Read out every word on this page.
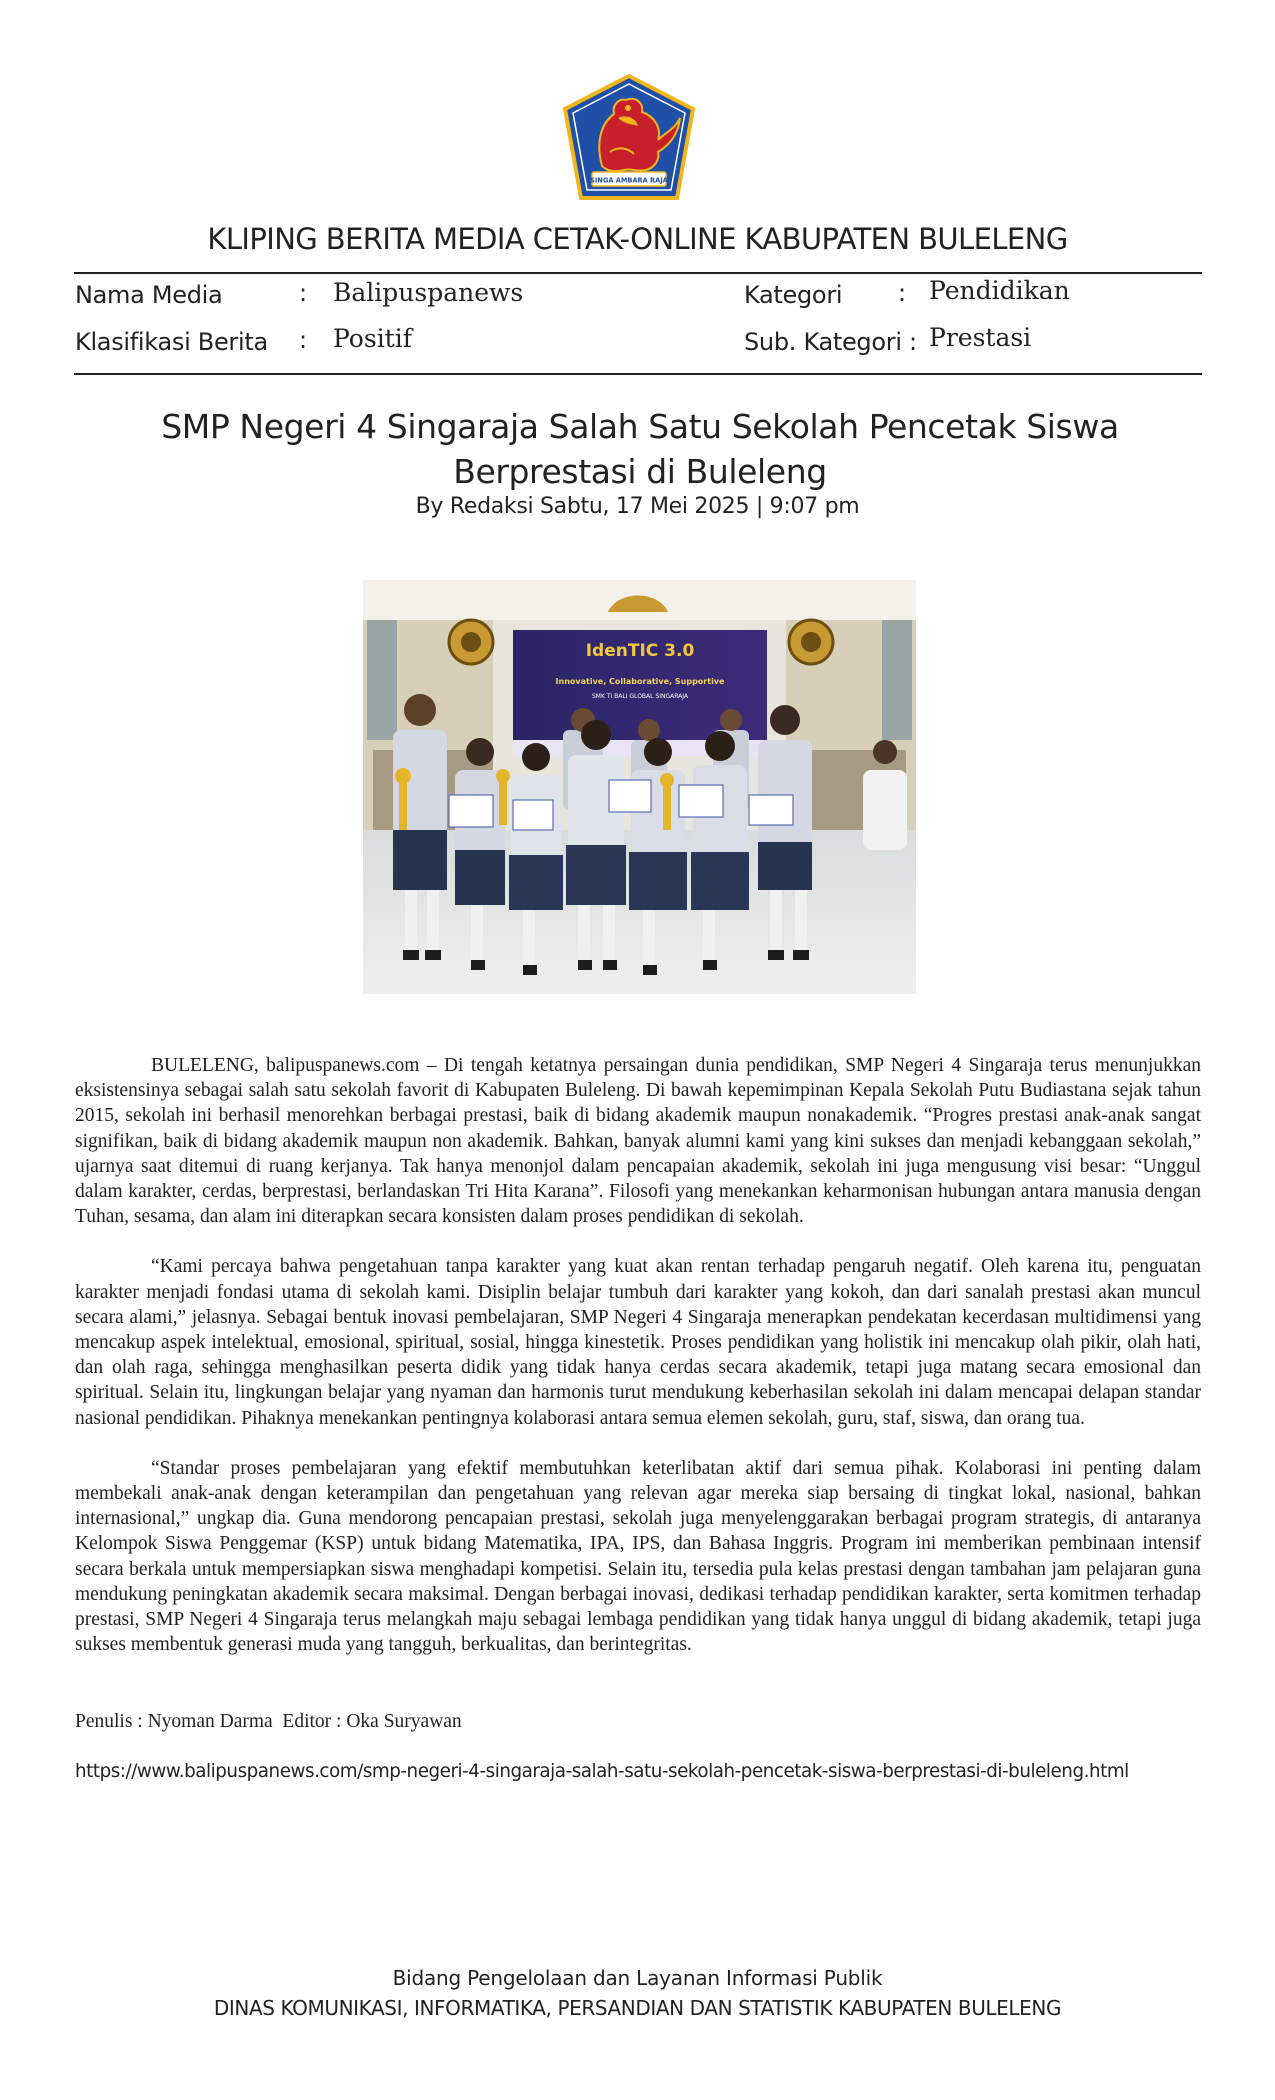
SINGA AMBARA RAJA
KLIPING BERITA MEDIA CETAK-ONLINE KABUPATEN BULELENG
Nama Media	: Balipuspanews	Kategori : Pendidikan
Klasifikasi Berita : Positif	Sub. Kategori : Prestasi
SMP Negeri 4 Singaraja Salah Satu Sekolah Pencetak Siswa Berprestasi di Buleleng
By Redaksi Sabtu, 17 Mei 2025 | 9:07 pm
IdenTIC 3.0
Innovative, Collaborative, Supportive
SMK TI BALI GLOBAL SINGARAJA

BULELENG, balipuspanews.com – Di tengah ketatnya persaingan dunia pendidikan, SMP Negeri 4 Singaraja terus menunjukkan eksistensinya sebagai salah satu sekolah favorit di Kabupaten Buleleng. Di bawah kepemimpinan Kepala Sekolah Putu Budiastana sejak tahun 2015, sekolah ini berhasil menorehkan berbagai prestasi, baik di bidang akademik maupun nonakademik. “Progres prestasi anak-anak sangat signifikan, baik di bidang akademik maupun non akademik. Bahkan, banyak alumni kami yang kini sukses dan menjadi kebanggaan sekolah,” ujarnya saat ditemui di ruang kerjanya. Tak hanya menonjol dalam pencapaian akademik, sekolah ini juga mengusung visi besar: “Unggul dalam karakter, cerdas, berprestasi, berlandaskan Tri Hita Karana”. Filosofi yang menekankan keharmonisan hubungan antara manusia dengan Tuhan, sesama, dan alam ini diterapkan secara konsisten dalam proses pendidikan di sekolah.

“Kami percaya bahwa pengetahuan tanpa karakter yang kuat akan rentan terhadap pengaruh negatif. Oleh karena itu, penguatan karakter menjadi fondasi utama di sekolah kami. Disiplin belajar tumbuh dari karakter yang kokoh, dan dari sanalah prestasi akan muncul secara alami,” jelasnya. Sebagai bentuk inovasi pembelajaran, SMP Negeri 4 Singaraja menerapkan pendekatan kecerdasan multidimensi yang mencakup aspek intelektual, emosional, spiritual, sosial, hingga kinestetik. Proses pendidikan yang holistik ini mencakup olah pikir, olah hati, dan olah raga, sehingga menghasilkan peserta didik yang tidak hanya cerdas secara akademik, tetapi juga matang secara emosional dan spiritual. Selain itu, lingkungan belajar yang nyaman dan harmonis turut mendukung keberhasilan sekolah ini dalam mencapai delapan standar nasional pendidikan. Pihaknya menekankan pentingnya kolaborasi antara semua elemen sekolah, guru, staf, siswa, dan orang tua.

“Standar proses pembelajaran yang efektif membutuhkan keterlibatan aktif dari semua pihak. Kolaborasi ini penting dalam membekali anak-anak dengan keterampilan dan pengetahuan yang relevan agar mereka siap bersaing di tingkat lokal, nasional, bahkan internasional,” ungkap dia. Guna mendorong pencapaian prestasi, sekolah juga menyelenggarakan berbagai program strategis, di antaranya Kelompok Siswa Penggemar (KSP) untuk bidang Matematika, IPA, IPS, dan Bahasa Inggris. Program ini memberikan pembinaan intensif secara berkala untuk mempersiapkan siswa menghadapi kompetisi. Selain itu, tersedia pula kelas prestasi dengan tambahan jam pelajaran guna mendukung peningkatan akademik secara maksimal. Dengan berbagai inovasi, dedikasi terhadap pendidikan karakter, serta komitmen terhadap prestasi, SMP Negeri 4 Singaraja terus melangkah maju sebagai lembaga pendidikan yang tidak hanya unggul di bidang akademik, tetapi juga sukses membentuk generasi muda yang tangguh, berkualitas, dan berintegritas.

Penulis : Nyoman Darma  Editor : Oka Suryawan
https://www.balipuspanews.com/smp-negeri-4-singaraja-salah-satu-sekolah-pencetak-siswa-berprestasi-di-buleleng.html
Bidang Pengelolaan dan Layanan Informasi Publik
DINAS KOMUNIKASI, INFORMATIKA, PERSANDIAN DAN STATISTIK KABUPATEN BULELENG
